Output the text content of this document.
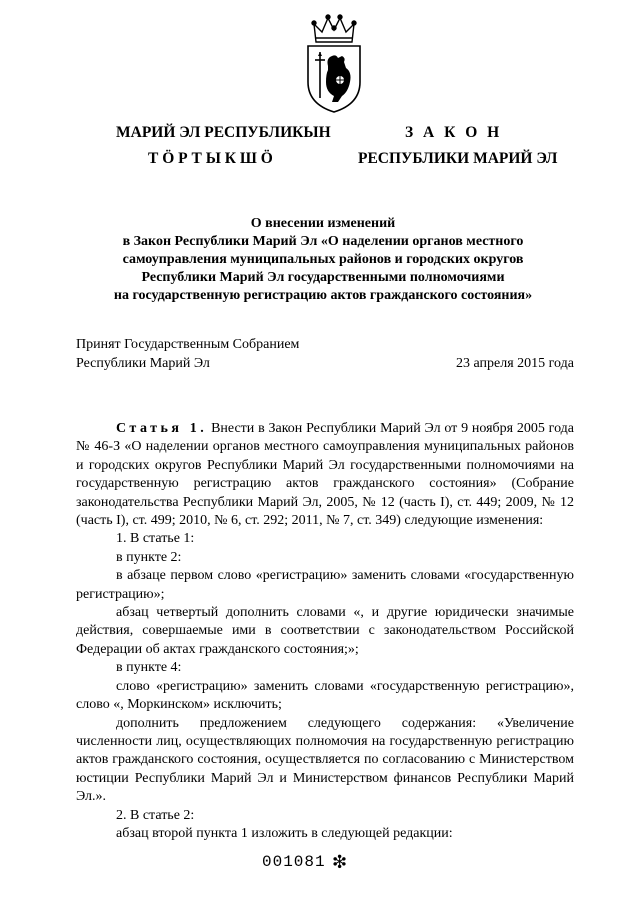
МАРИЙ ЭЛ РЕСПУБЛИКЫН
Т Ӧ Р Т Ы К Ш Ӧ
З А К О Н
РЕСПУБЛИКИ МАРИЙ ЭЛ
О внесении изменений
в Закон Республики Марий Эл «О наделении органов местного
самоуправления муниципальных районов и городских округов
Республики Марий Эл государственными полномочиями
на государственную регистрацию актов гражданского состояния»
Принят Государственным Собранием
Республики Марий Эл	23 апреля 2015 года

Статья 1. Внести в Закон Республики Марий Эл от 9 ноября 2005 года № 46-З «О наделении органов местного самоуправления муниципальных районов и городских округов Республики Марий Эл государственными полномочиями на государственную регистрацию актов гражданского состояния» (Собрание законодательства Республики Марий Эл, 2005, № 12 (часть I), ст. 449; 2009, № 12 (часть I), ст. 499; 2010, № 6, ст. 292; 2011, № 7, ст. 349) следующие изменения:

1. В статье 1:

в пункте 2:

в абзаце первом слово «регистрацию» заменить словами «государственную регистрацию»;

абзац четвертый дополнить словами «, и другие юридически значимые действия, совершаемые ими в соответствии с законодательством Российской Федерации об актах гражданского состояния;»;

в пункте 4:

слово «регистрацию» заменить словами «государственную регистрацию», слово «, Моркинском» исключить;

дополнить предложением следующего содержания: «Увеличение численности лиц, осуществляющих полномочия на государственную регистрацию актов гражданского состояния, осуществляется по согласованию с Министерством юстиции Республики Марий Эл и Министерством финансов Республики Марий Эл.».

2. В статье 2:

абзац второй пункта 1 изложить в следующей редакции:

001081 ❇
